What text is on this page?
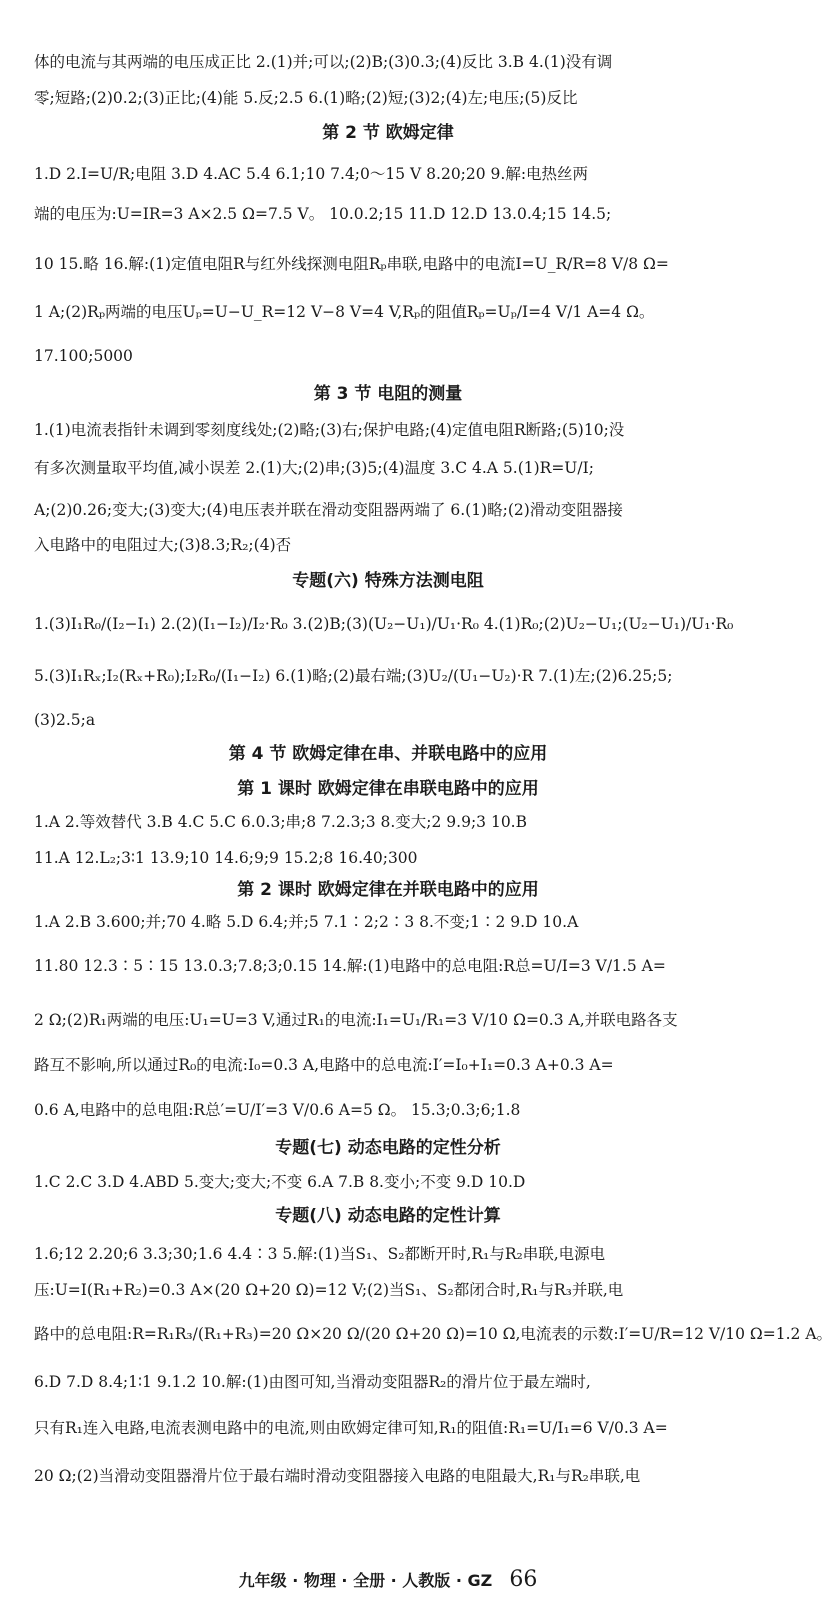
体的电流与其两端的电压成正比 2.(1)并;可以;(2)B;(3)0.3;(4)反比 3.B 4.(1)没有调
零;短路;(2)0.2;(3)正比;(4)能 5.反;2.5 6.(1)略;(2)短;(3)2;(4)左;电压;(5)反比
第 2 节 欧姆定律
1.D 2.I=U/R;电阻 3.D 4.AC 5.4 6.1;10 7.4;0～15 V 8.20;20 9.解:电热丝两
端的电压为:U=IR=3 A×2.5 Ω=7.5 V。 10.0.2;15 11.D 12.D 13.0.4;15 14.5;
10 15.略 16.解:(1)定值电阻R与红外线探测电阻Rₚ串联,电路中的电流I=U_R/R=8 V/8 Ω=
1 A;(2)Rₚ两端的电压Uₚ=U−U_R=12 V−8 V=4 V,Rₚ的阻值Rₚ=Uₚ/I=4 V/1 A=4 Ω。
17.100;5000
第 3 节 电阻的测量
1.(1)电流表指针未调到零刻度线处;(2)略;(3)右;保护电路;(4)定值电阻R断路;(5)10;没
有多次测量取平均值,减小误差 2.(1)大;(2)串;(3)5;(4)温度 3.C 4.A 5.(1)R=U/I;
A;(2)0.26;变大;(3)变大;(4)电压表并联在滑动变阻器两端了 6.(1)略;(2)滑动变阻器接
入电路中的电阻过大;(3)8.3;R₂;(4)否
专题(六) 特殊方法测电阻
1.(3)I₁R₀/(I₂−I₁) 2.(2)(I₁−I₂)/I₂·R₀ 3.(2)B;(3)(U₂−U₁)/U₁·R₀ 4.(1)R₀;(2)U₂−U₁;(U₂−U₁)/U₁·R₀
5.(3)I₁Rₓ;I₂(Rₓ+R₀);I₂R₀/(I₁−I₂) 6.(1)略;(2)最右端;(3)U₂/(U₁−U₂)·R 7.(1)左;(2)6.25;5;
(3)2.5;a
第 4 节 欧姆定律在串、并联电路中的应用
第 1 课时 欧姆定律在串联电路中的应用
1.A 2.等效替代 3.B 4.C 5.C 6.0.3;串;8 7.2.3;3 8.变大;2 9.9;3 10.B
11.A 12.L₂;3∶1 13.9;10 14.6;9;9 15.2;8 16.40;300
第 2 课时 欧姆定律在并联电路中的应用
1.A 2.B 3.600;并;70 4.略 5.D 6.4;并;5 7.1∶2;2∶3 8.不变;1∶2 9.D 10.A
11.80 12.3∶5∶15 13.0.3;7.8;3;0.15 14.解:(1)电路中的总电阻:R总=U/I=3 V/1.5 A=
2 Ω;(2)R₁两端的电压:U₁=U=3 V,通过R₁的电流:I₁=U₁/R₁=3 V/10 Ω=0.3 A,并联电路各支
路互不影响,所以通过R₀的电流:I₀=0.3 A,电路中的总电流:I′=I₀+I₁=0.3 A+0.3 A=
0.6 A,电路中的总电阻:R总′=U/I′=3 V/0.6 A=5 Ω。 15.3;0.3;6;1.8
专题(七) 动态电路的定性分析
1.C 2.C 3.D 4.ABD 5.变大;变大;不变 6.A 7.B 8.变小;不变 9.D 10.D
专题(八) 动态电路的定性计算
1.6;12 2.20;6 3.3;30;1.6 4.4∶3 5.解:(1)当S₁、S₂都断开时,R₁与R₂串联,电源电
压:U=I(R₁+R₂)=0.3 A×(20 Ω+20 Ω)=12 V;(2)当S₁、S₂都闭合时,R₁与R₃并联,电
路中的总电阻:R=R₁R₃/(R₁+R₃)=20 Ω×20 Ω/(20 Ω+20 Ω)=10 Ω,电流表的示数:I′=U/R=12 V/10 Ω=1.2 A。
6.D 7.D 8.4;1∶1 9.1.2 10.解:(1)由图可知,当滑动变阻器R₂的滑片位于最左端时,
只有R₁连入电路,电流表测电路中的电流,则由欧姆定律可知,R₁的阻值:R₁=U/I₁=6 V/0.3 A=
20 Ω;(2)当滑动变阻器滑片位于最右端时滑动变阻器接入电路的电阻最大,R₁与R₂串联,电
九年级 · 物理 · 全册 · 人教版 · GZ 66
